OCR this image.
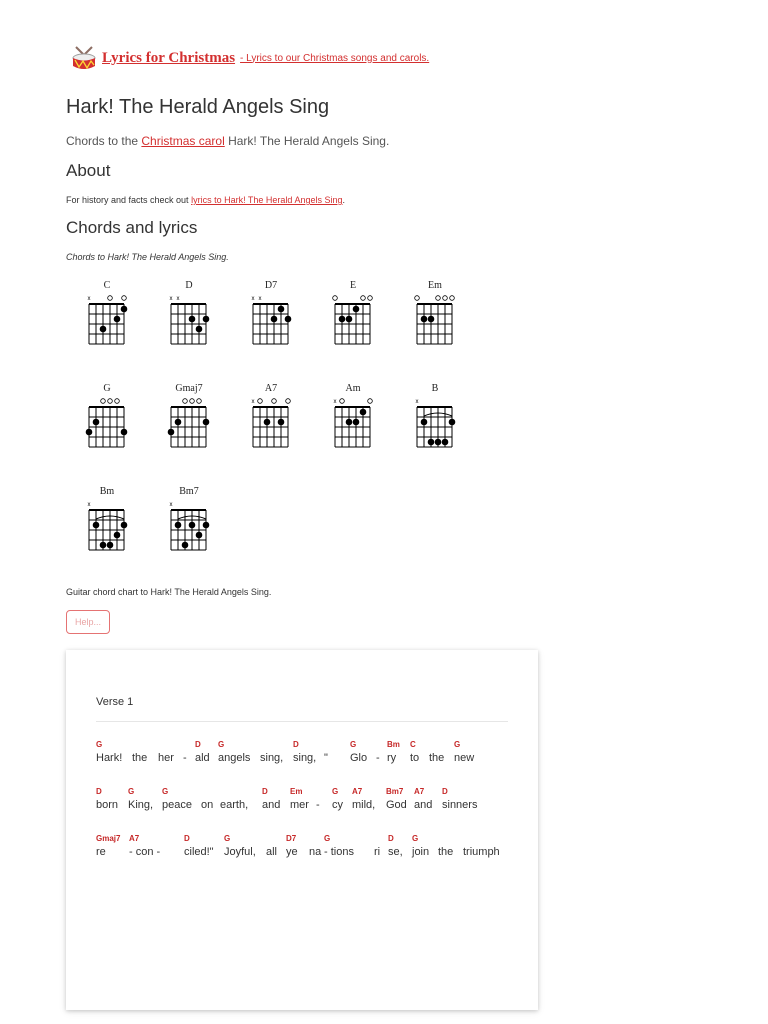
Lyrics for Christmas - Lyrics to our Christmas songs and carols.
Hark! The Herald Angels Sing

Chords to the Christmas carol Hark! The Herald Angels Sing.

About

For history and facts check out lyrics to Hark! The Herald Angels Sing.

Chords and lyrics

Chords to Hark! The Herald Angels Sing.

C
x
D
x x
D7
x x
E	Em
G	Gmaj7	A7
x
Am
x
B
x
Bm
x
Bm7
x

Guitar chord chart to Hark! The Herald Angels Sing.

Help...
Verse 1
G
Hark! the her -
D
ald
G
angels sing,
D
sing, "
G
Glo -
Bm
ry
C
to the
G
new
D
born
G
King,
G
peace on earth,
D
and
Em
mer -
G
cy
A7
mild,
Bm7
God
A7
and
D
sinners
Gmaj7
re
A7
- con -
D
ciled!"
G
Joyful, all
D7
ye na
G
- tions ri
D
se,
G
join the triumph
